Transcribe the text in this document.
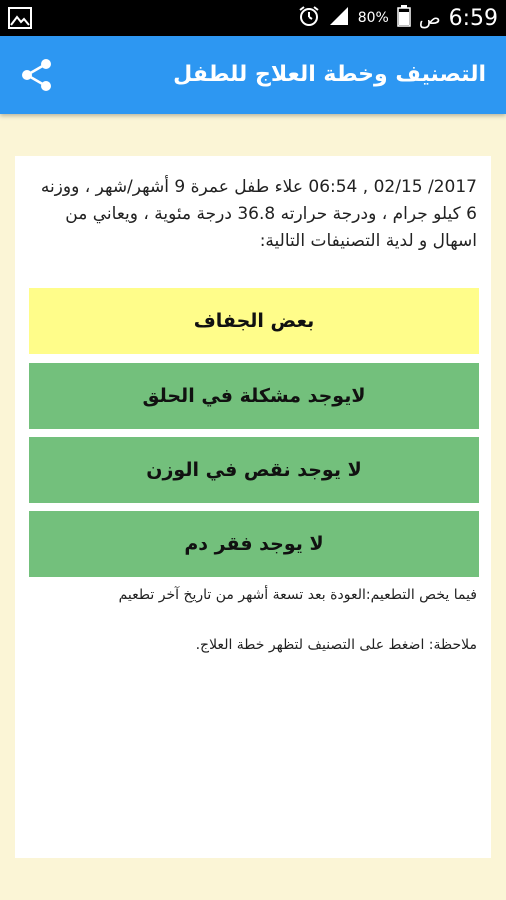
80% ص 6:59
التصنيف وخطة العلاج للطفل
2017/ 02/15 , 06:54 علاء طفل عمرة 9 أشهر/شهر ، ووزنه 6 كيلو جرام ، ودرجة حرارته 36.8 درجة مئوية ، ويعاني من اسهال و لدية التصنيفات التالية:
بعض الجفاف
لايوجد مشكلة في الحلق
لا يوجد نقص في الوزن
لا يوجد فقر دم
فيما يخص التطعيم:العودة بعد تسعة أشهر من تاريخ آخر تطعيم
ملاحظة: اضغط على التصنيف لتظهر خطة العلاج.
